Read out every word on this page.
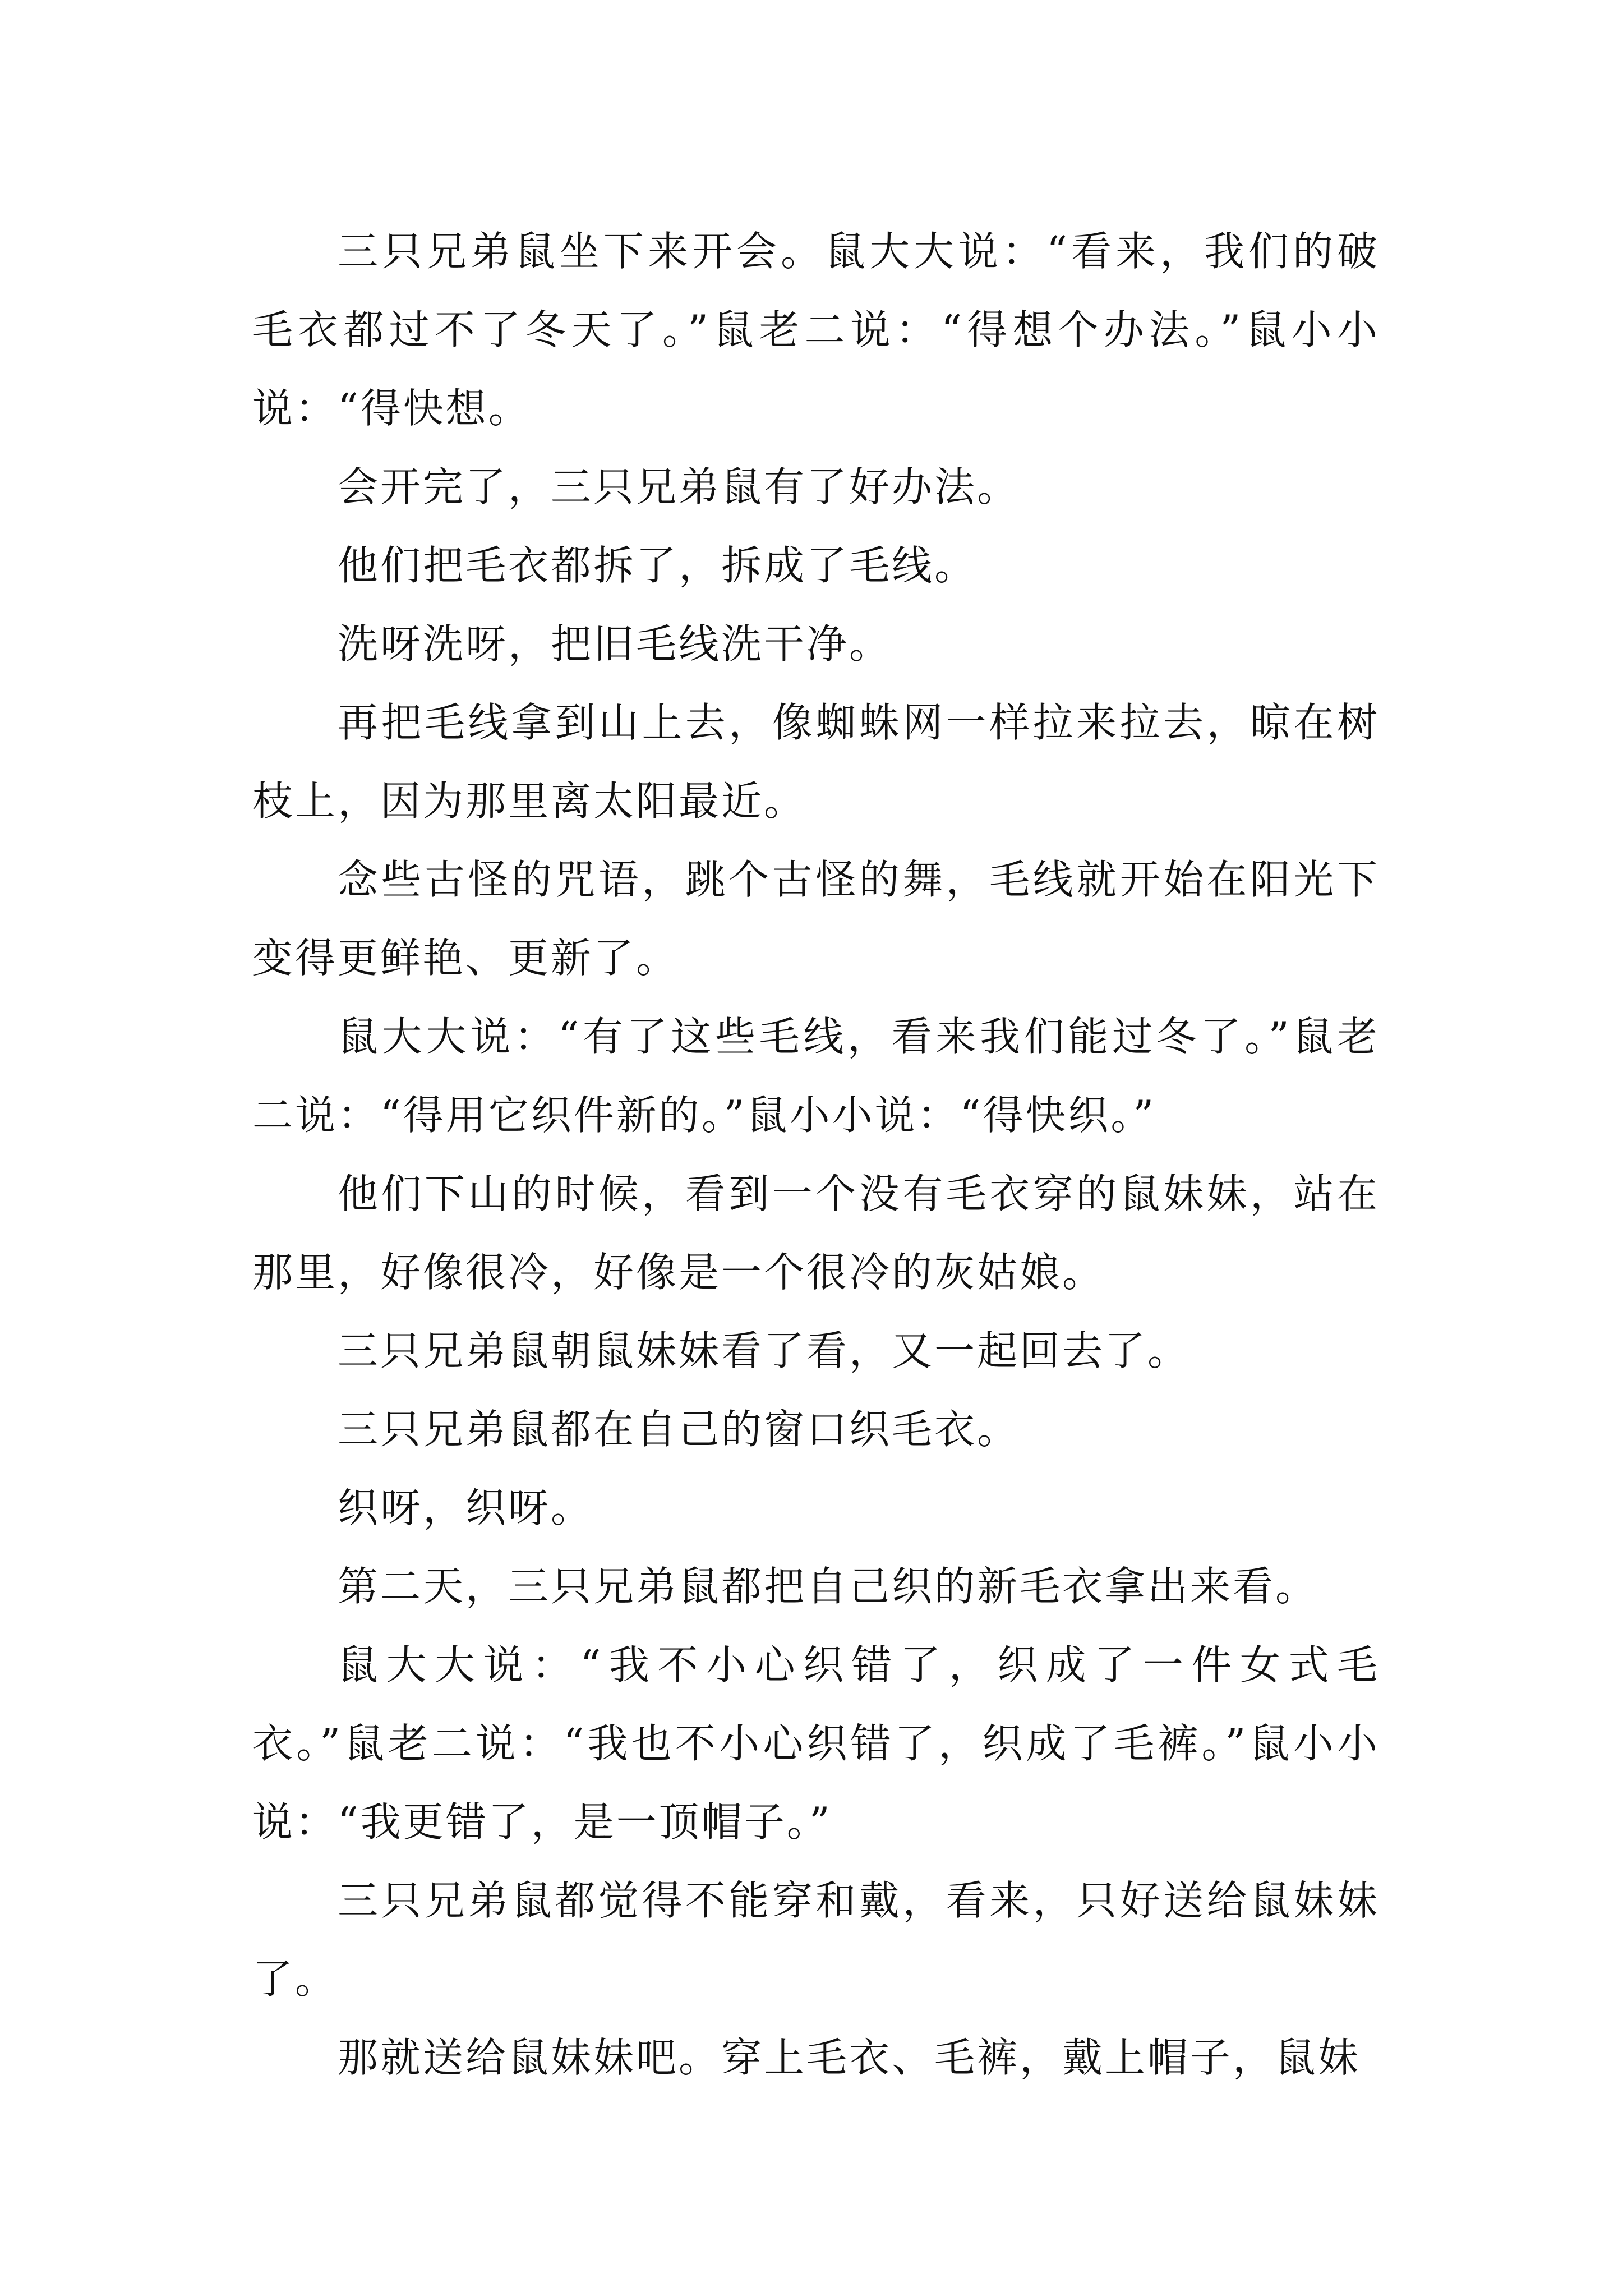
三只兄弟鼠坐下来开会。鼠大大说：“看来，我们的破毛衣都过不了冬天了。”鼠老二说：“得想个办法。”鼠小小说：“得快想。

会开完了，三只兄弟鼠有了好办法。

他们把毛衣都拆了，拆成了毛线。

洗呀洗呀，把旧毛线洗干净。

再把毛线拿到山上去，像蜘蛛网一样拉来拉去，晾在树枝上，因为那里离太阳最近。

念些古怪的咒语，跳个古怪的舞，毛线就开始在阳光下变得更鲜艳、更新了。

鼠大大说：“有了这些毛线，看来我们能过冬了。”鼠老二说：“得用它织件新的。”鼠小小说：“得快织。”

他们下山的时候，看到一个没有毛衣穿的鼠妹妹，站在那里，好像很冷，好像是一个很冷的灰姑娘。

三只兄弟鼠朝鼠妹妹看了看，又一起回去了。

三只兄弟鼠都在自己的窗口织毛衣。

织呀，织呀。

第二天，三只兄弟鼠都把自己织的新毛衣拿出来看。

鼠大大说：“我不小心织错了，织成了一件女式毛衣。”鼠老二说：“我也不小心织错了，织成了毛裤。”鼠小小说：“我更错了，是一顶帽子。”

三只兄弟鼠都觉得不能穿和戴，看来，只好送给鼠妹妹了。

那就送给鼠妹妹吧。穿上毛衣、毛裤，戴上帽子，鼠妹
